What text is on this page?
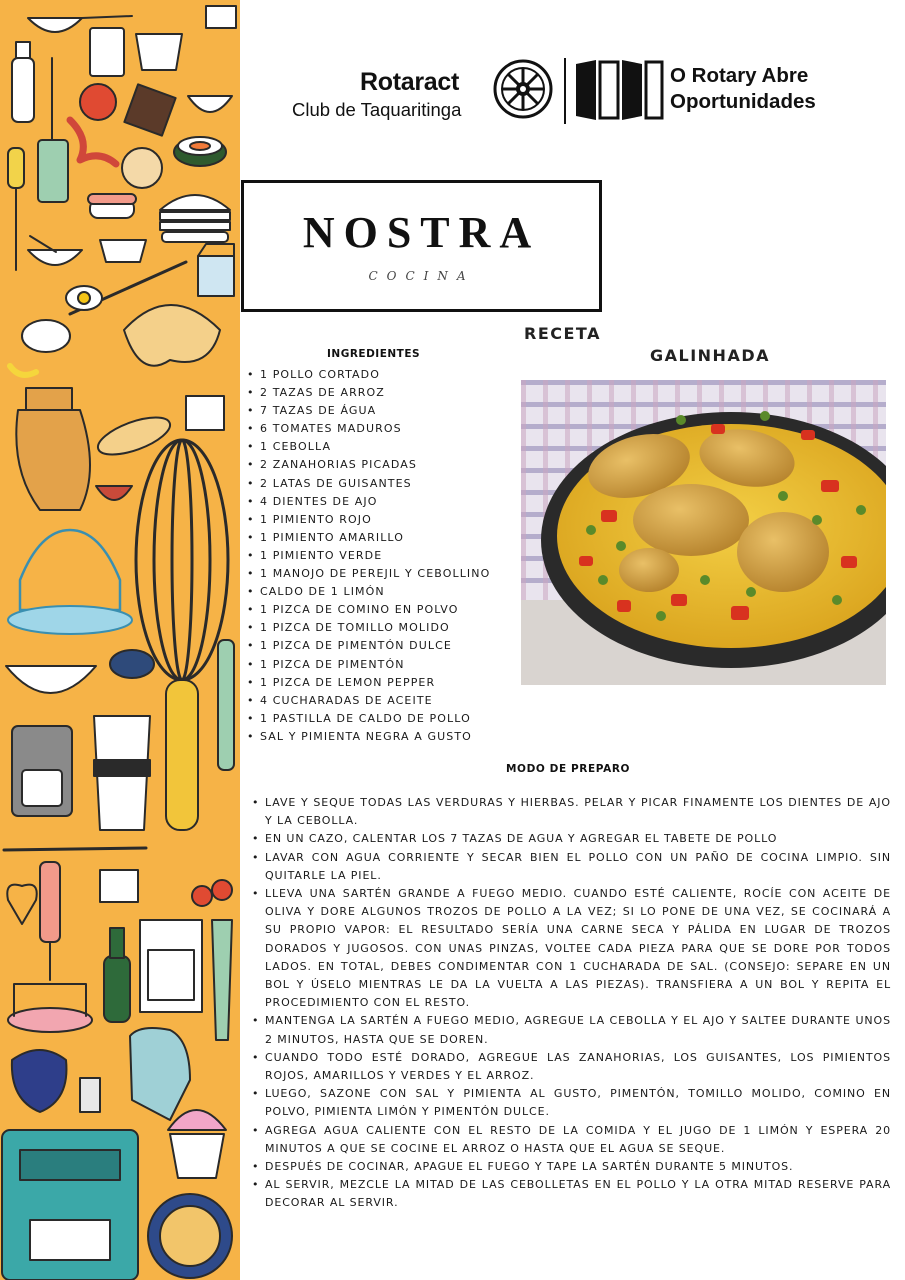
Rotaract
Club de Taquaritinga
O Rotary Abre
Oportunidades
NOSTRA
COCINA
RECETA
GALINHADA
INGREDIENTES
• 1 POLLO CORTADO
• 2 TAZAS DE ARROZ
• 7 TAZAS DE ÁGUA
• 6 TOMATES MADUROS
• 1 CEBOLLA
• 2 ZANAHORIAS PICADAS
• 2 LATAS DE GUISANTES
• 4 DIENTES DE AJO
• 1 PIMIENTO ROJO
• 1 PIMIENTO AMARILLO
• 1 PIMIENTO VERDE
• 1 MANOJO DE PEREJIL Y CEBOLLINO
• CALDO DE 1 LIMÓN
• 1 PIZCA DE COMINO EN POLVO
• 1 PIZCA DE TOMILLO MOLIDO
• 1 PIZCA DE PIMENTÓN DULCE
• 1 PIZCA DE PIMENTÓN
• 1 PIZCA DE LEMON PEPPER
• 4 CUCHARADAS DE ACEITE
• 1 PASTILLA DE CALDO DE POLLO
• SAL Y PIMIENTA NEGRA A GUSTO
MODO DE PREPARO
• LAVE Y SEQUE TODAS LAS VERDURAS Y HIERBAS. PELAR Y PICAR FINAMENTE LOS DIENTES DE AJO Y LA CEBOLLA.
• EN UN CAZO, CALENTAR LOS 7 TAZAS DE AGUA Y AGREGAR EL TABETE DE POLLO
• LAVAR CON AGUA CORRIENTE Y SECAR BIEN EL POLLO CON UN PAÑO DE COCINA LIMPIO. SIN QUITARLE LA PIEL.
• LLEVA UNA SARTÉN GRANDE A FUEGO MEDIO. CUANDO ESTÉ CALIENTE, ROCÍE CON ACEITE DE OLIVA Y DORE ALGUNOS TROZOS DE POLLO A LA VEZ; SI LO PONE DE UNA VEZ, SE COCINARÁ A SU PROPIO VAPOR: EL RESULTADO SERÍA UNA CARNE SECA Y PÁLIDA EN LUGAR DE TROZOS DORADOS Y JUGOSOS. CON UNAS PINZAS, VOLTEE CADA PIEZA PARA QUE SE DORE POR TODOS LADOS. EN TOTAL, DEBES CONDIMENTAR CON 1 CUCHARADA DE SAL. (CONSEJO: SEPARE EN UN BOL Y ÚSELO MIENTRAS LE DA LA VUELTA A LAS PIEZAS). TRANSFIERA A UN BOL Y REPITA EL PROCEDIMIENTO CON EL RESTO.
• MANTENGA LA SARTÉN A FUEGO MEDIO, AGREGUE LA CEBOLLA Y EL AJO Y SALTEE DURANTE UNOS 2 MINUTOS, HASTA QUE SE DOREN.
• CUANDO TODO ESTÉ DORADO, AGREGUE LAS ZANAHORIAS, LOS GUISANTES, LOS PIMIENTOS ROJOS, AMARILLOS Y VERDES Y EL ARROZ.
• LUEGO, SAZONE CON SAL Y PIMIENTA AL GUSTO, PIMENTÓN, TOMILLO MOLIDO, COMINO EN POLVO, PIMIENTA LIMÓN Y PIMENTÓN DULCE.
• AGREGA AGUA CALIENTE CON EL RESTO DE LA COMIDA Y EL JUGO DE 1 LIMÓN Y ESPERA 20 MINUTOS A QUE SE COCINE EL ARROZ O HASTA QUE EL AGUA SE SEQUE.
• DESPUÉS DE COCINAR, APAGUE EL FUEGO Y TAPE LA SARTÉN DURANTE 5 MINUTOS.
• AL SERVIR, MEZCLE LA MITAD DE LAS CEBOLLETAS EN EL POLLO Y LA OTRA MITAD RESERVE PARA DECORAR AL SERVIR.
